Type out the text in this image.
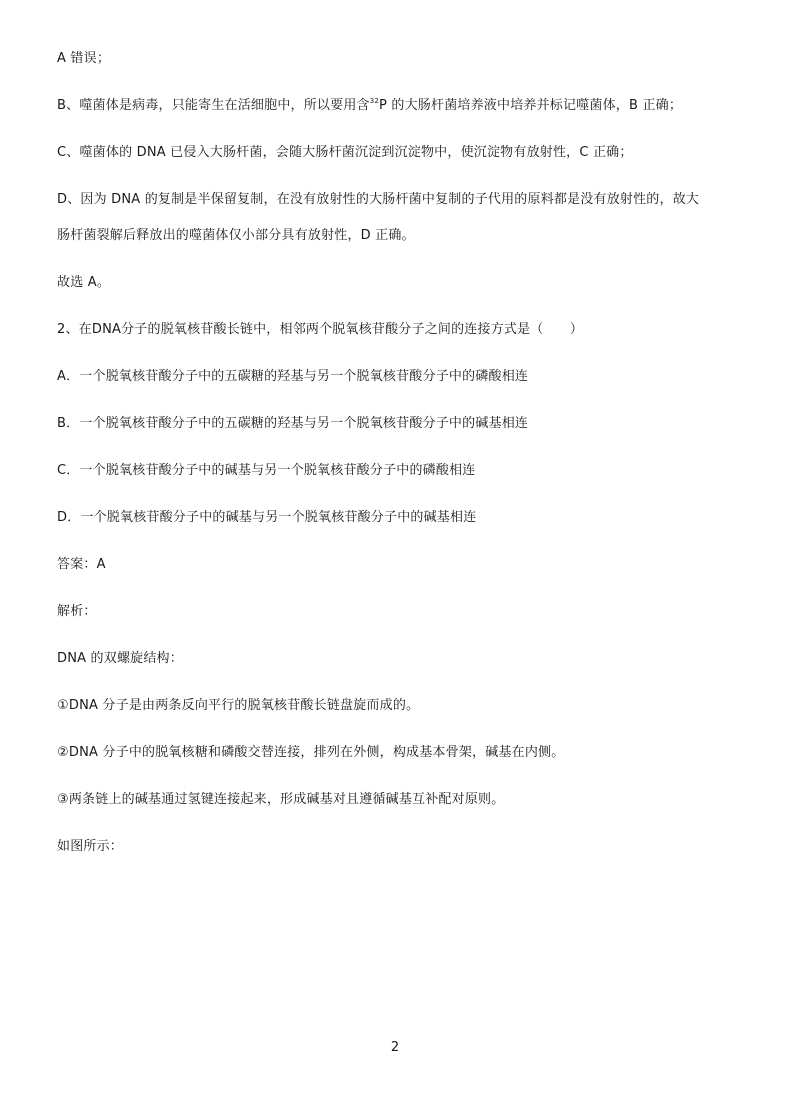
A 错误；
B、噬菌体是病毒，只能寄生在活细胞中，所以要用含$^{32}$P 的大肠杆菌培养液中培养并标记噬菌体，B 正确；
C、噬菌体的 DNA 已侵入大肠杆菌，会随大肠杆菌沉淀到沉淀物中，使沉淀物有放射性，C 正确；
D、因为 DNA 的复制是半保留复制，在没有放射性的大肠杆菌中复制的子代用的原料都是没有放射性的，故大
肠杆菌裂解后释放出的噬菌体仅小部分具有放射性，D 正确。
故选 A。
2、在DNA分子的脱氧核苷酸长链中，相邻两个脱氧核苷酸分子之间的连接方式是（　　）
A．一个脱氧核苷酸分子中的五碳糖的羟基与另一个脱氧核苷酸分子中的磷酸相连
B．一个脱氧核苷酸分子中的五碳糖的羟基与另一个脱氧核苷酸分子中的碱基相连
C．一个脱氧核苷酸分子中的碱基与另一个脱氧核苷酸分子中的磷酸相连
D．一个脱氧核苷酸分子中的碱基与另一个脱氧核苷酸分子中的碱基相连
答案：A
解析：
DNA 的双螺旋结构：
①DNA 分子是由两条反向平行的脱氧核苷酸长链盘旋而成的。
②DNA 分子中的脱氧核糖和磷酸交替连接，排列在外侧，构成基本骨架，碱基在内侧。
③两条链上的碱基通过氢键连接起来，形成碱基对且遵循碱基互补配对原则。
如图所示：
2
